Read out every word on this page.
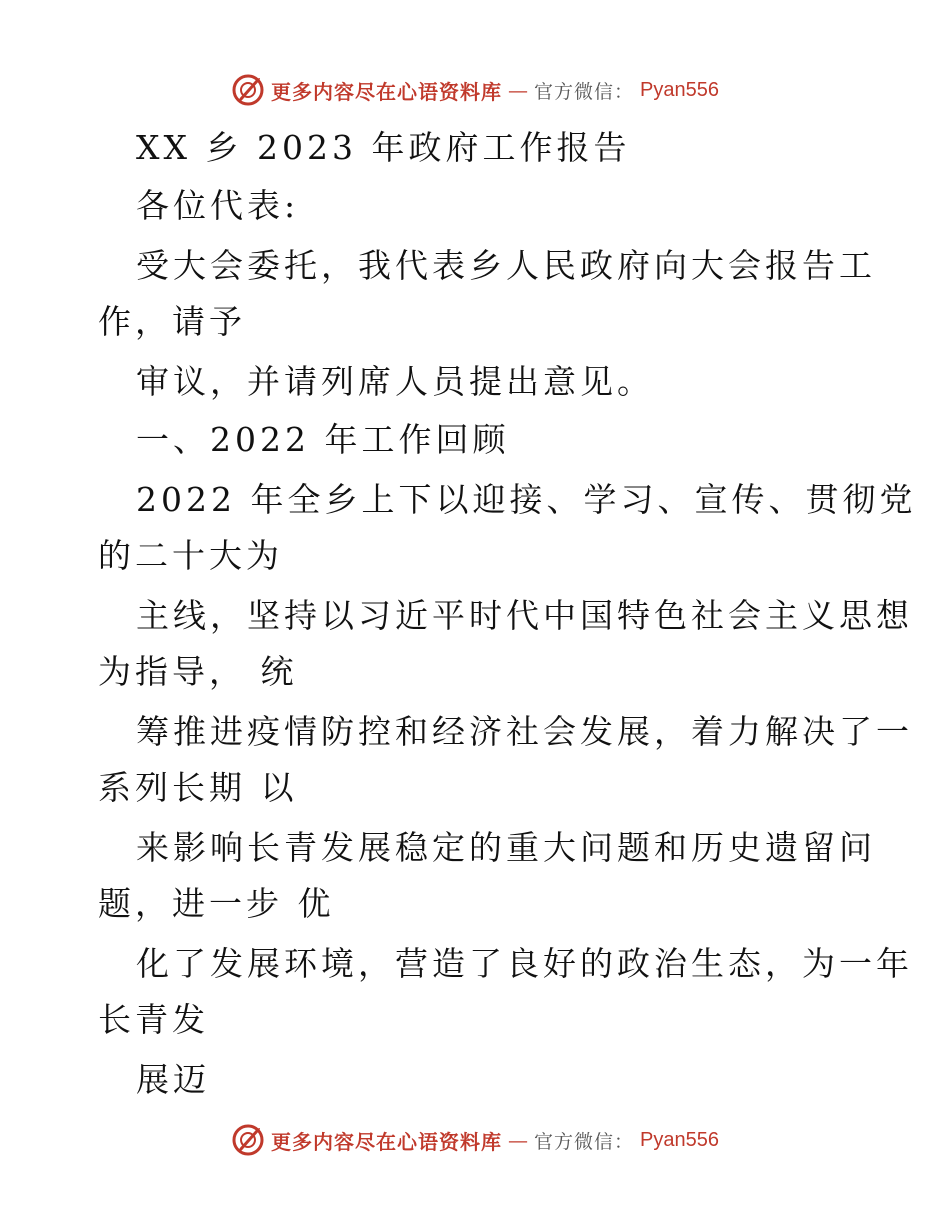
更多内容尽在心语资料库 — 官方微信： Pyan556
XX 乡 2023 年政府工作报告
各位代表:
受大会委托，我代表乡人民政府向大会报告工
作，请予
审议，并请列席人员提出意见。
一、2022 年工作回顾
2022 年全乡上下以迎接、学习、宣传、贯彻党
的二十大为
主线，坚持以习近平时代中国特色社会主义思想
为指导， 统
筹推进疫情防控和经济社会发展，着力解决了一
系列长期 以
来影响长青发展稳定的重大问题和历史遗留问
题，进一步 优
化了发展环境，营造了良好的政治生态，为一年
长青发
展迈
更多内容尽在心语资料库 — 官方微信： Pyan556
